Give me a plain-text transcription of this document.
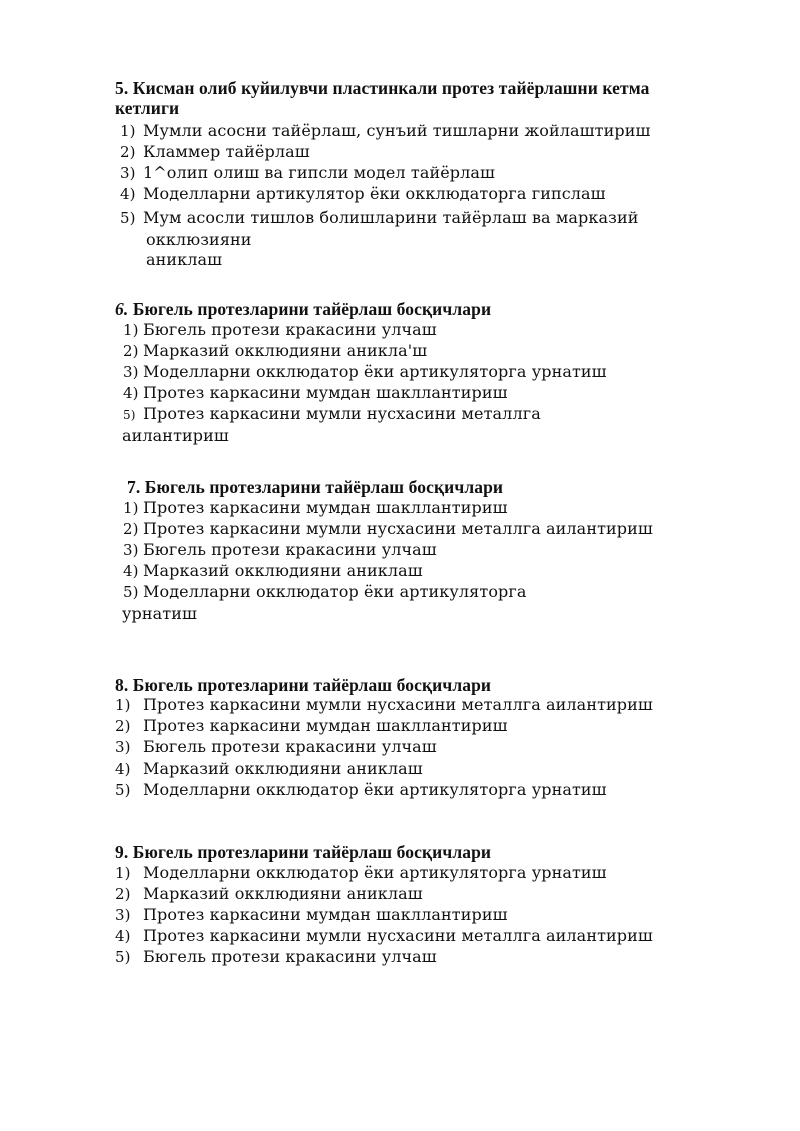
5. Кисман олиб куйилувчи пластинкали протез тайёрлашни кетма
кетлиги
1) Мумли асосни тайёрлаш, сунъий тишларни жойлаштириш
2) Кламмер тайёрлаш
3) 1^олип олиш ва гипсли модел тайёрлаш
4) Моделларни артикулятор ёки окклюдаторга гипслаш
5) Мум асосли тишлов болишларини тайёрлаш ва марказий
окклюзияни
аниклаш
6. Бюгель протезларини тайёрлаш босқичлари
1) Бюгель протези кракасини улчаш
2) Марказий окклюдияни аникла'ш
3) Моделларни окклюдатор ёки артикуляторга урнатиш
4) Протез каркасини мумдан шакллантириш
5) Протез каркасини мумли нусхасини металлга
аилантириш
7. Бюгель протезларини тайёрлаш босқичлари
1) Протез каркасини мумдан шакллантириш
2) Протез каркасини мумли нусхасини металлга аилантириш
3) Бюгель протези кракасини улчаш
4) Марказий окклюдияни аниклаш
5) Моделларни окклюдатор ёки артикуляторга
урнатиш
8. Бюгель протезларини тайёрлаш босқичлари
1) Протез каркасини мумли нусхасини металлга аилантириш
2) Протез каркасини мумдан шакллантириш
3) Бюгель протези кракасини улчаш
4) Марказий окклюдияни аниклаш
5) Моделларни окклюдатор ёки артикуляторга урнатиш
9. Бюгель протезларини тайёрлаш босқичлари
1) Моделларни окклюдатор ёки артикуляторга урнатиш
2) Марказий окклюдияни аниклаш
3) Протез каркасини мумдан шакллантириш
4) Протез каркасини мумли нусхасини металлга аилантириш
5) Бюгель протези кракасини улчаш
